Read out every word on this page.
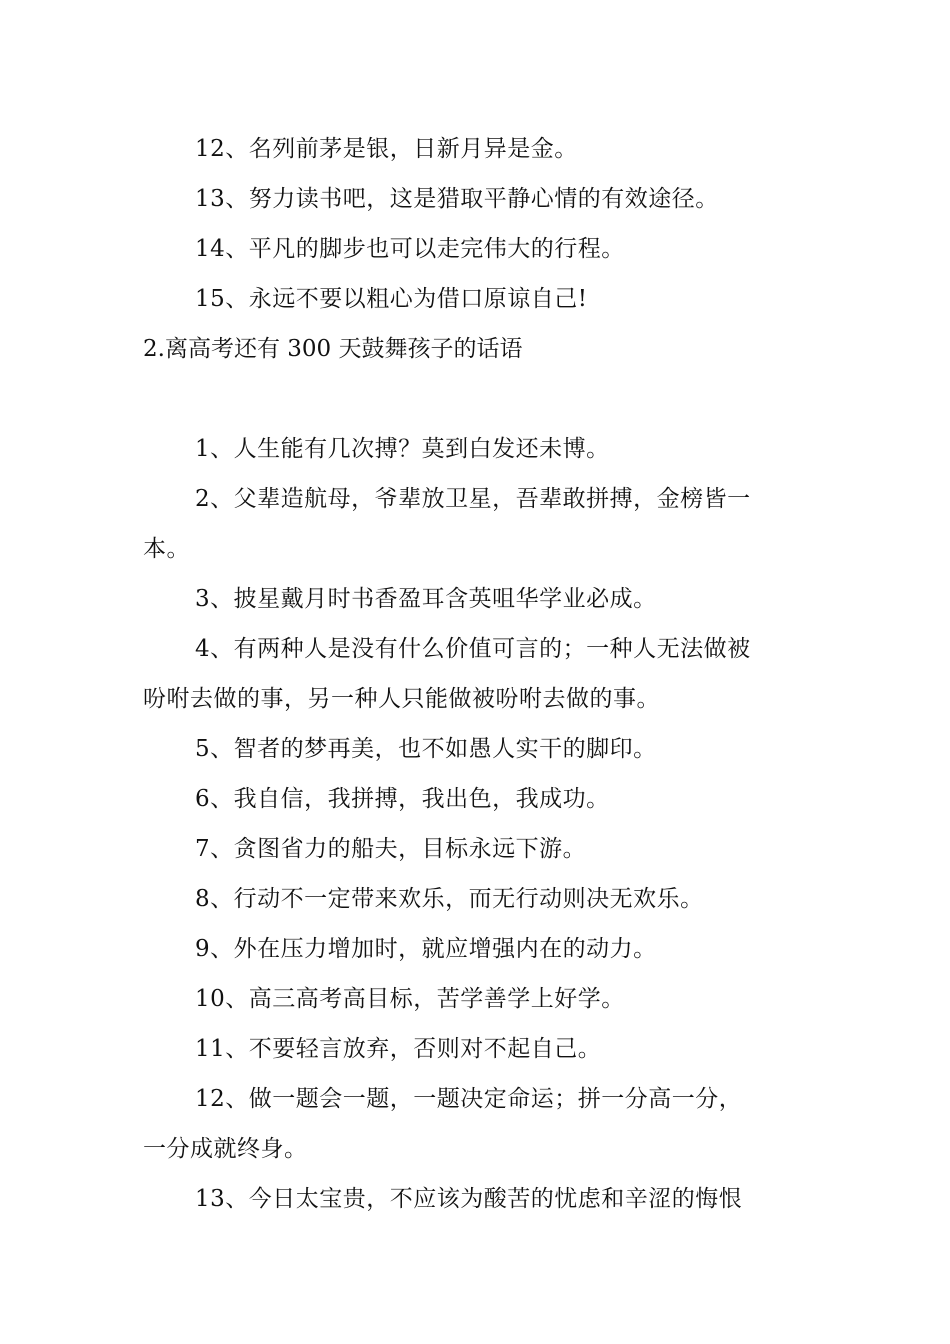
12、名列前茅是银，日新月异是金。
13、努力读书吧，这是猎取平静心情的有效途径。
14、平凡的脚步也可以走完伟大的行程。
15、永远不要以粗心为借口原谅自己!
2.离高考还有 300 天鼓舞孩子的话语
1、人生能有几次搏？莫到白发还未博。
2、父辈造航母，爷辈放卫星，吾辈敢拼搏，金榜皆一
本。
3、披星戴月时书香盈耳含英咀华学业必成。
4、有两种人是没有什么价值可言的；一种人无法做被
吩咐去做的事，另一种人只能做被吩咐去做的事。
5、智者的梦再美，也不如愚人实干的脚印。
6、我自信，我拼搏，我出色，我成功。
7、贪图省力的船夫，目标永远下游。
8、行动不一定带来欢乐，而无行动则决无欢乐。
9、外在压力增加时，就应增强内在的动力。
10、高三高考高目标，苦学善学上好学。
11、不要轻言放弃，否则对不起自己。
12、做一题会一题，一题决定命运；拼一分高一分，
一分成就终身。
13、今日太宝贵，不应该为酸苦的忧虑和辛涩的悔恨
